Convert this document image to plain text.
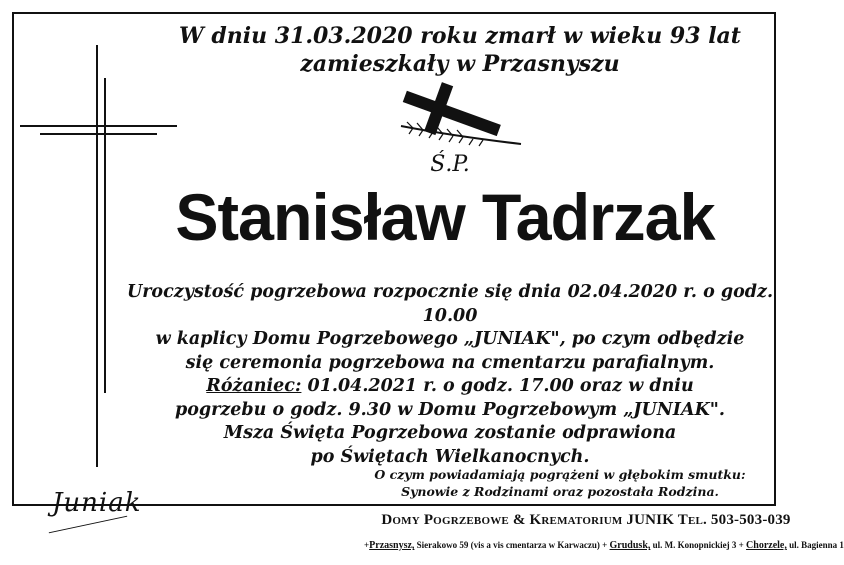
W dniu 31.03.2020 roku zmarł w wieku 93 lat
zamieszkały w Przasnyszu
Ś.P.
Stanisław Tadrzak
Uroczystość pogrzebowa rozpocznie się dnia 02.04.2020 r. o godz. 10.00
w kaplicy Domu Pogrzebowego „JUNIAK", po czym odbędzie
się ceremonia pogrzebowa na cmentarzu parafialnym.
Różaniec: 01.04.2021 r. o godz. 17.00 oraz w dniu
pogrzebu o godz. 9.30 w Domu Pogrzebowym „JUNIAK".
Msza Święta Pogrzebowa zostanie odprawiona
po Świętach Wielkanocnych.
O czym powiadamiają pogrążeni w głębokim smutku:
Synowie z Rodzinami oraz pozostała Rodzina.
Juniak
Domy Pogrzebowe & Krematorium JUNIK Tel. 503-503-039
+Przasnysz, Sierakowo 59 (vis a vis cmentarza w Karwaczu) + Grudusk, ul. M. Konopnickiej 3 + Chorzele, ul. Bagienna 1
